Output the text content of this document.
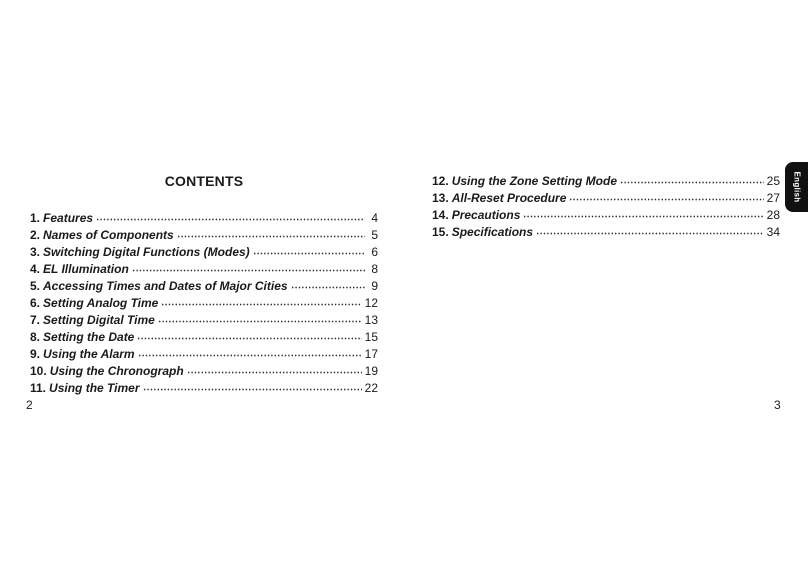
CONTENTS
1. Features	4
2. Names of Components	5
3. Switching Digital Functions (Modes)	6
4. EL Illumination	8
5. Accessing Times and Dates of Major Cities	9
6. Setting Analog Time	12
7. Setting Digital Time	13
8. Setting the Date	15
9. Using the Alarm	17
10. Using the Chronograph	19
11. Using the Timer	22
2
12. Using the Zone Setting Mode	25
13. All-Reset Procedure	27
14. Precautions	28
15. Specifications	34
3
English
